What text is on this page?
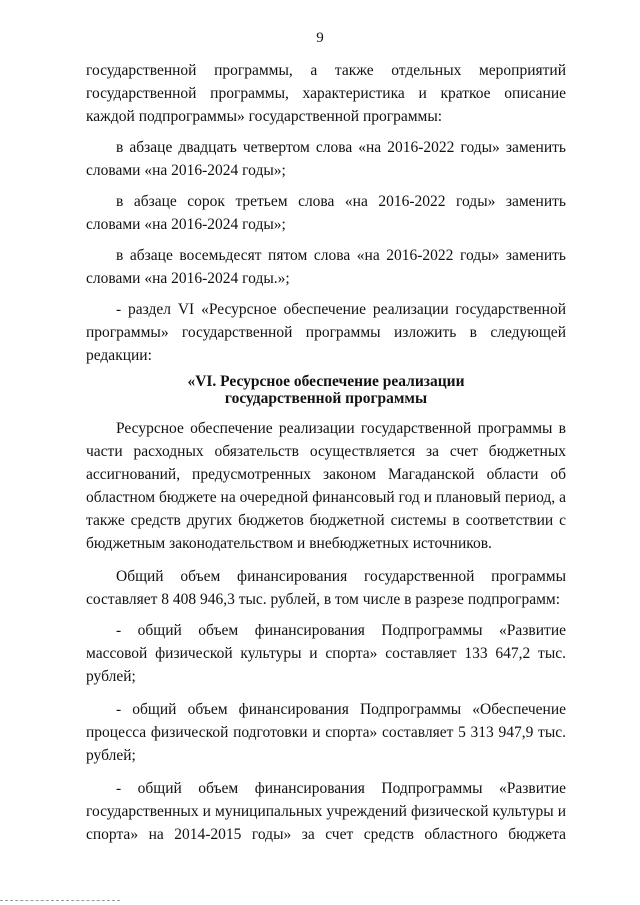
9

государственной программы, а также отдельных мероприятий государственной программы, характеристика и краткое описание каждой подпрограммы» государственной программы:

в абзаце двадцать четвертом слова «на 2016-2022 годы» заменить словами «на 2016-2024 годы»;

в абзаце сорок третьем слова «на 2016-2022 годы» заменить словами «на 2016-2024 годы»;

в абзаце восемьдесят пятом слова «на 2016-2022 годы» заменить словами «на 2016-2024 годы.»;

- раздел VI «Ресурсное обеспечение реализации государственной программы» государственной программы изложить в следующей редакции:

«VI. Ресурсное обеспечение реализации
государственной программы

Ресурсное обеспечение реализации государственной программы в части расходных обязательств осуществляется за счет бюджетных ассигнований, предусмотренных законом Магаданской области об областном бюджете на очередной финансовый год и плановый период, а также средств других бюджетов бюджетной системы в соответствии с бюджетным законодательством и внебюджетных источников.

Общий объем финансирования государственной программы составляет 8 408 946,3 тыс. рублей, в том числе в разрезе подпрограмм:

- общий объем финансирования Подпрограммы «Развитие массовой физической культуры и спорта» составляет 133 647,2 тыс. рублей;

- общий объем финансирования Подпрограммы «Обеспечение процесса физической подготовки и спорта» составляет 5 313 947,9 тыс. рублей;

- общий объем финансирования Подпрограммы «Развитие государственных и муниципальных учреждений физической культуры и спорта» на 2014-2015 годы» за счет средств областного бюджета
